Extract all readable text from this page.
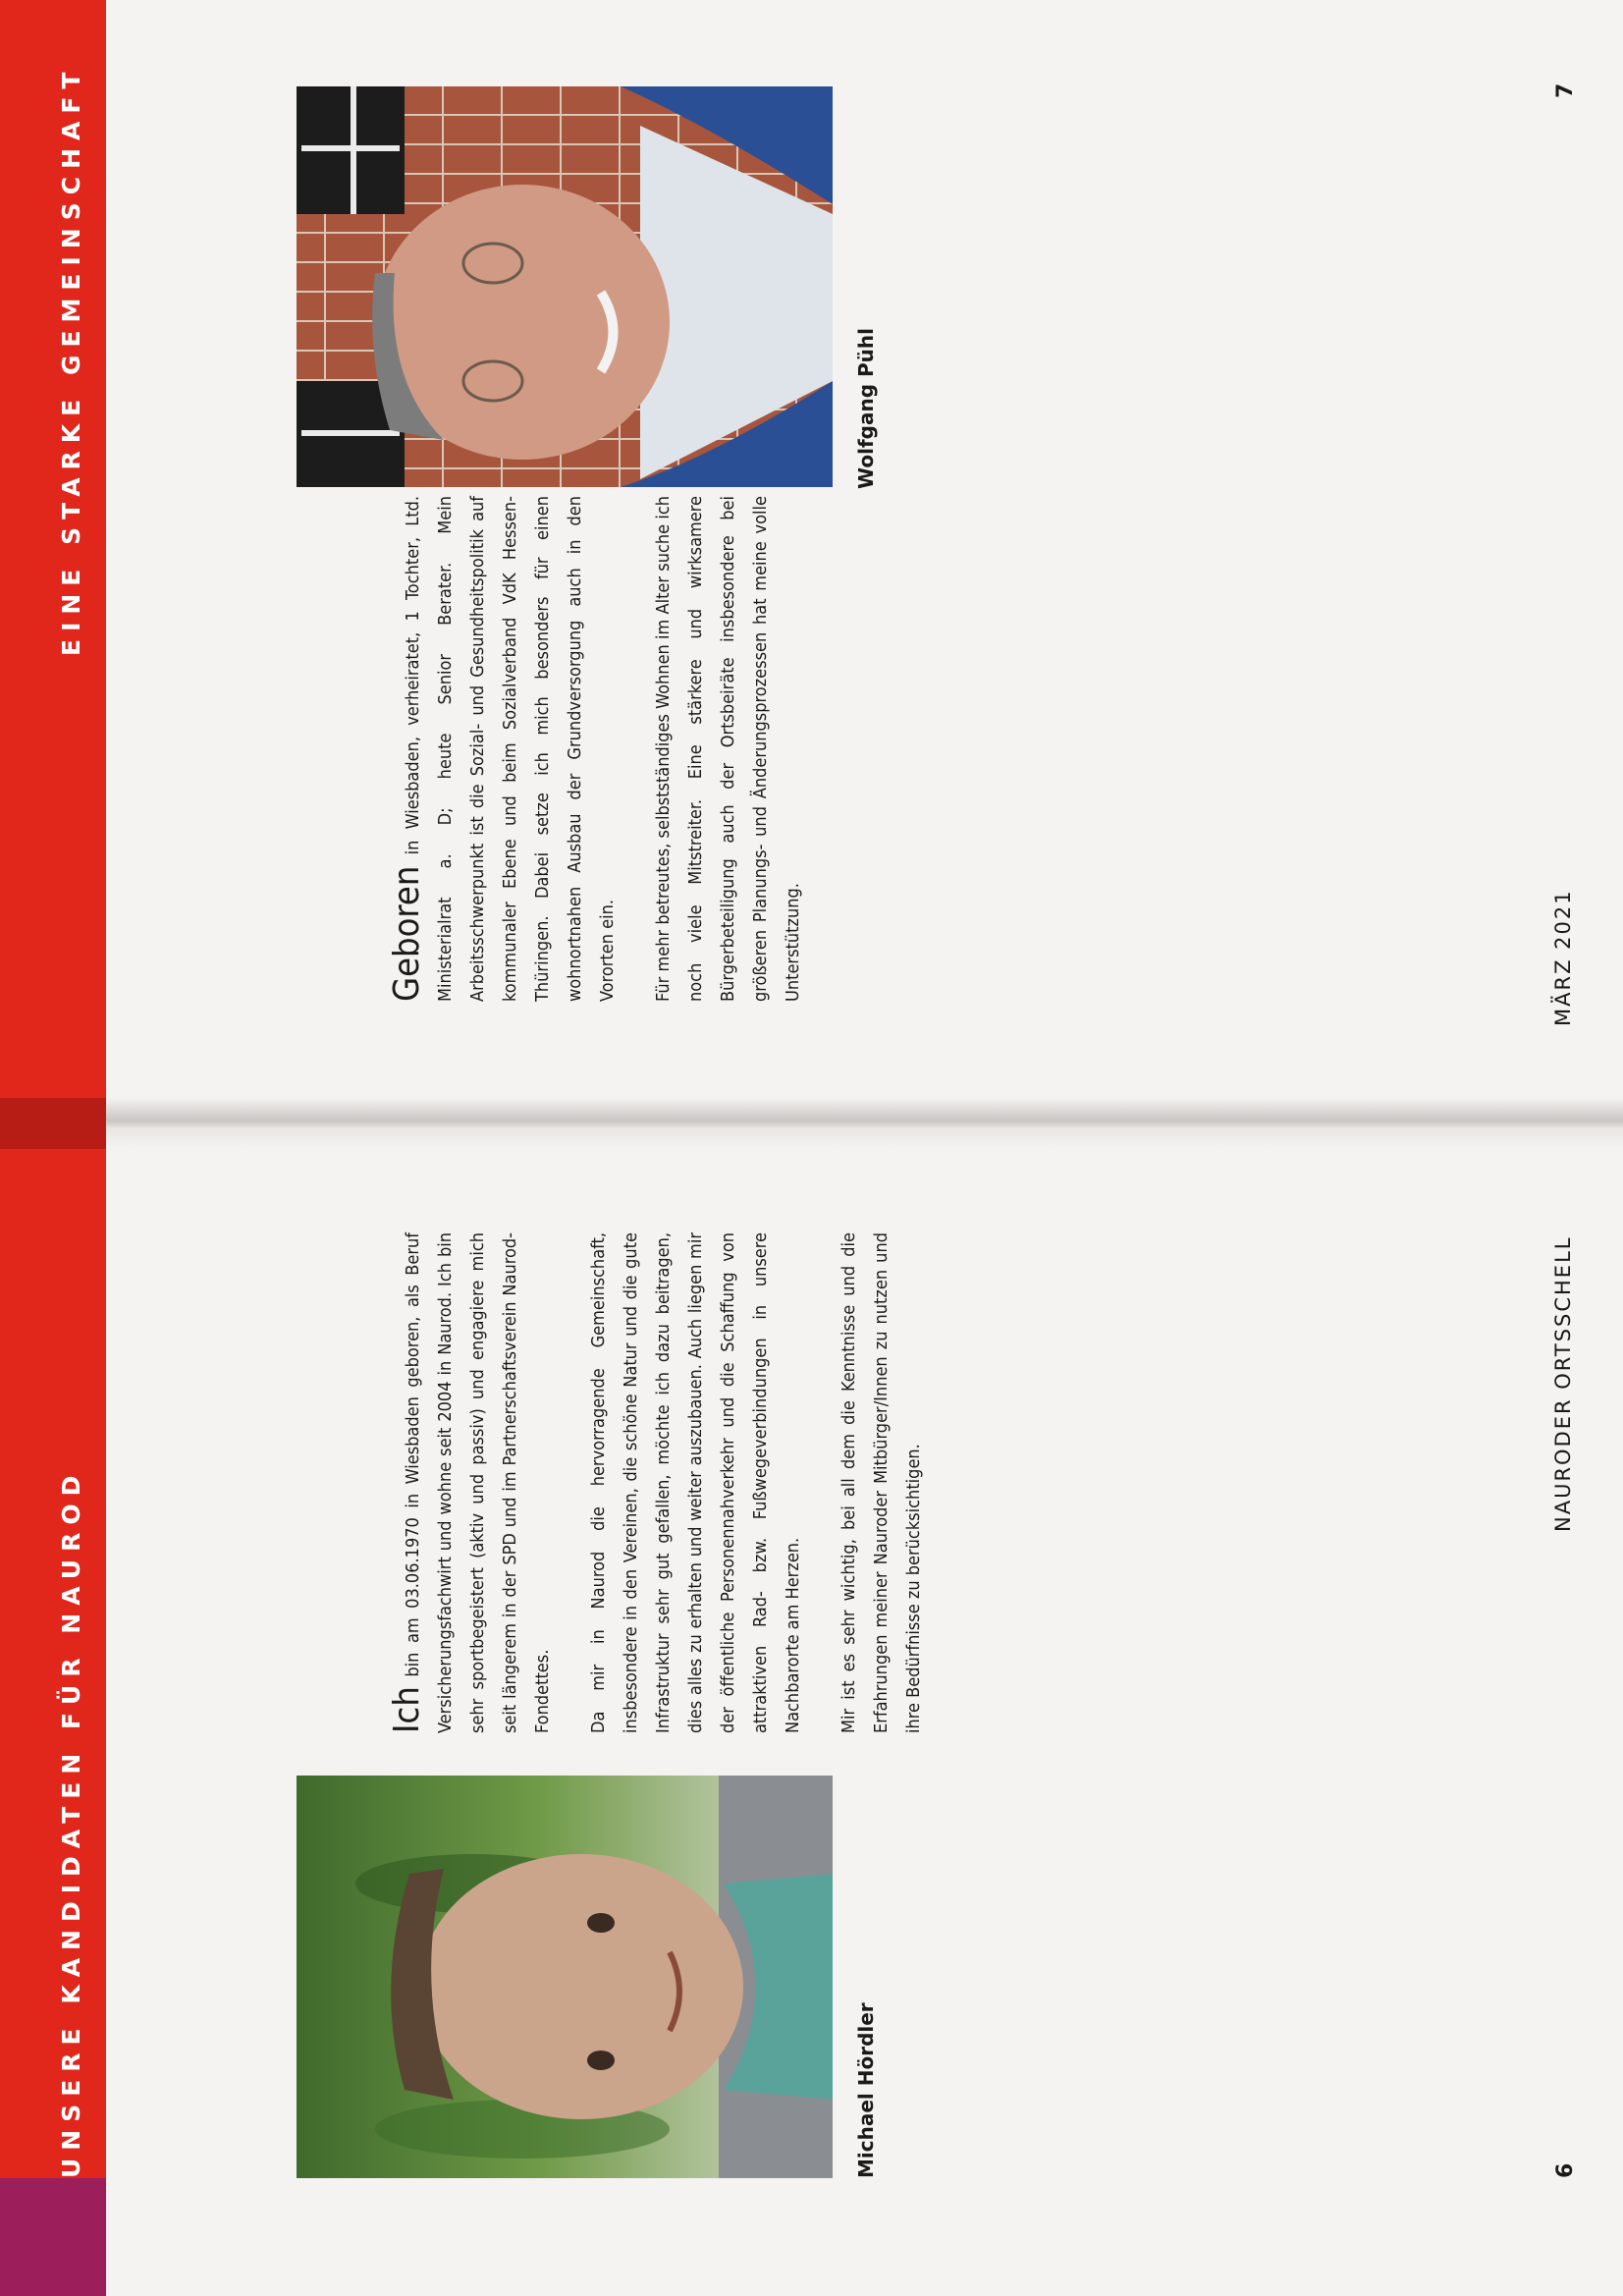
UNSERE KANDIDATEN FÜR NAUROD
EINE STARKE GEMEINSCHAFT
Michael Hördler

Ich bin am 03.06.1970 in Wiesbaden geboren, als Beruf Versicherungsfachwirt und wohne seit 2004 in Naurod. Ich bin sehr sportbegeistert (aktiv und passiv) und engagiere mich seit längerem in der SPD und im Partnerschaftsverein Naurod-Fondettes.	Da mir in Naurod die hervorragende Gemeinschaft, insbesondere in den Vereinen, die schöne Natur und die gute Infrastruktur sehr gut gefallen, möchte ich dazu beitragen, dies alles zu erhalten und weiter auszubauen. Auch liegen mir der öffentliche Personennahverkehr und die Schaffung von attraktiven Rad- bzw. Fußwegeverbindungen in unsere Nachbarorte am Herzen.	Mir ist es sehr wichtig, bei all dem die Kenntnisse und die Erfahrungen meiner Nauroder Mitbürger/Innen zu nutzen und ihre Bedürfnisse zu berücksichtigen.

Wolfgang Pühl

Geboren in Wiesbaden, verheiratet, 1 Tochter, Ltd. Ministerialrat a. D; heute Senior Berater. Mein Arbeitsschwerpunkt ist die Sozial- und Gesundheitspolitik auf kommunaler Ebene und beim Sozialverband VdK Hessen-Thüringen. Dabei setze ich mich besonders für einen wohnortnahen Ausbau der Grundversorgung auch in den Vororten ein.	Für mehr betreutes, selbstständiges Wohnen im Alter suche ich noch viele Mitstreiter. Eine stärkere und wirksamere Bürgerbeteiligung auch der Ortsbeiräte insbesondere bei größeren Planungs- und Änderungsprozessen hat meine volle Unterstützung.

6
NAURODER ORTSSCHELL
MÄRZ 2021
7
